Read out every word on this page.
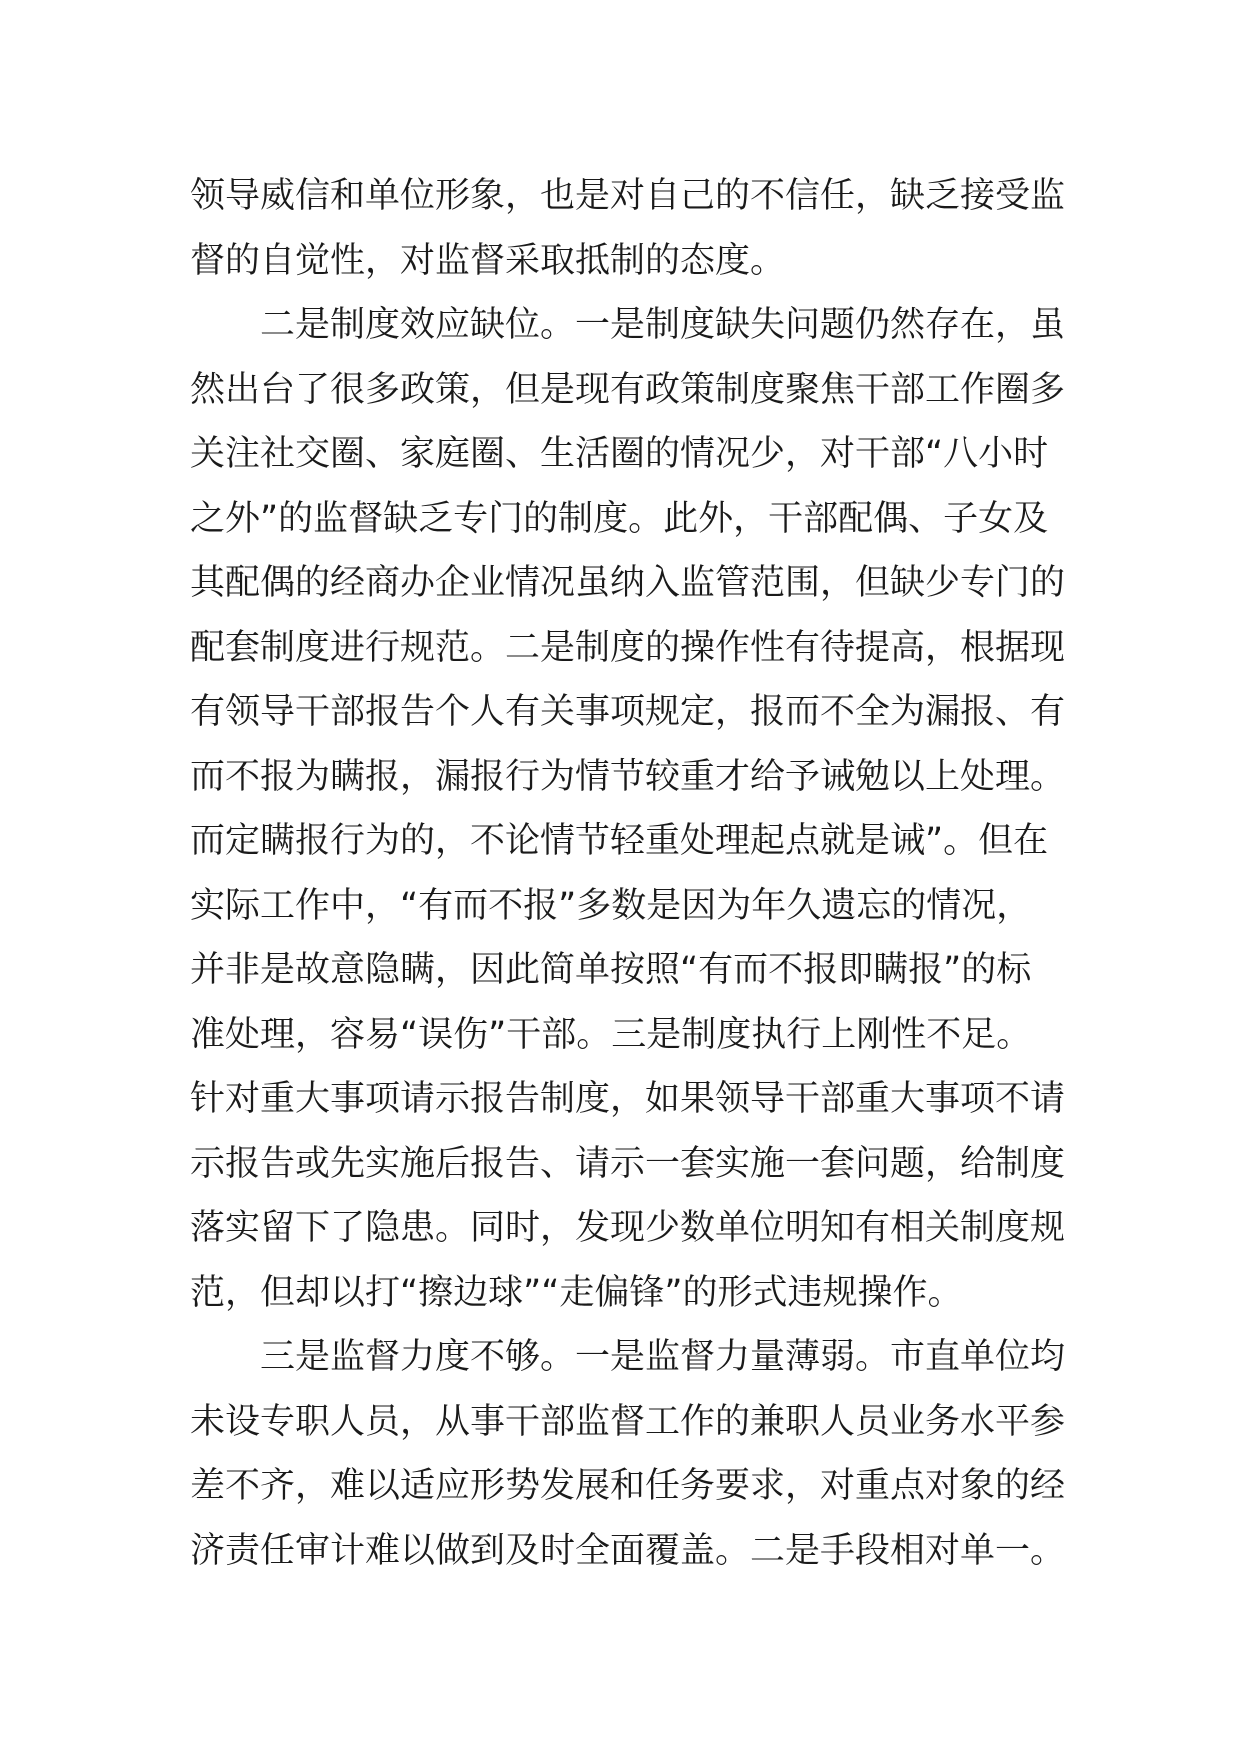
领导威信和单位形象，也是对自己的不信任，缺乏接受监
督的自觉性，对监督采取抵制的态度。
二是制度效应缺位。一是制度缺失问题仍然存在，虽
然出台了很多政策，但是现有政策制度聚焦干部工作圈多
关注社交圈、家庭圈、生活圈的情况少，对干部“八小时
之外”的监督缺乏专门的制度。此外，干部配偶、子女及
其配偶的经商办企业情况虽纳入监管范围，但缺少专门的
配套制度进行规范。二是制度的操作性有待提高，根据现
有领导干部报告个人有关事项规定，报而不全为漏报、有
而不报为瞒报，漏报行为情节较重才给予诫勉以上处理。
而定瞒报行为的，不论情节轻重处理起点就是诫”。但在
实际工作中，“有而不报”多数是因为年久遗忘的情况，
并非是故意隐瞒，因此简单按照“有而不报即瞒报”的标
准处理，容易“误伤”干部。三是制度执行上刚性不足。
针对重大事项请示报告制度，如果领导干部重大事项不请
示报告或先实施后报告、请示一套实施一套问题，给制度
落实留下了隐患。同时，发现少数单位明知有相关制度规
范，但却以打“擦边球”“走偏锋”的形式违规操作。
三是监督力度不够。一是监督力量薄弱。市直单位均
未设专职人员，从事干部监督工作的兼职人员业务水平参
差不齐，难以适应形势发展和任务要求，对重点对象的经
济责任审计难以做到及时全面覆盖。二是手段相对单一。
